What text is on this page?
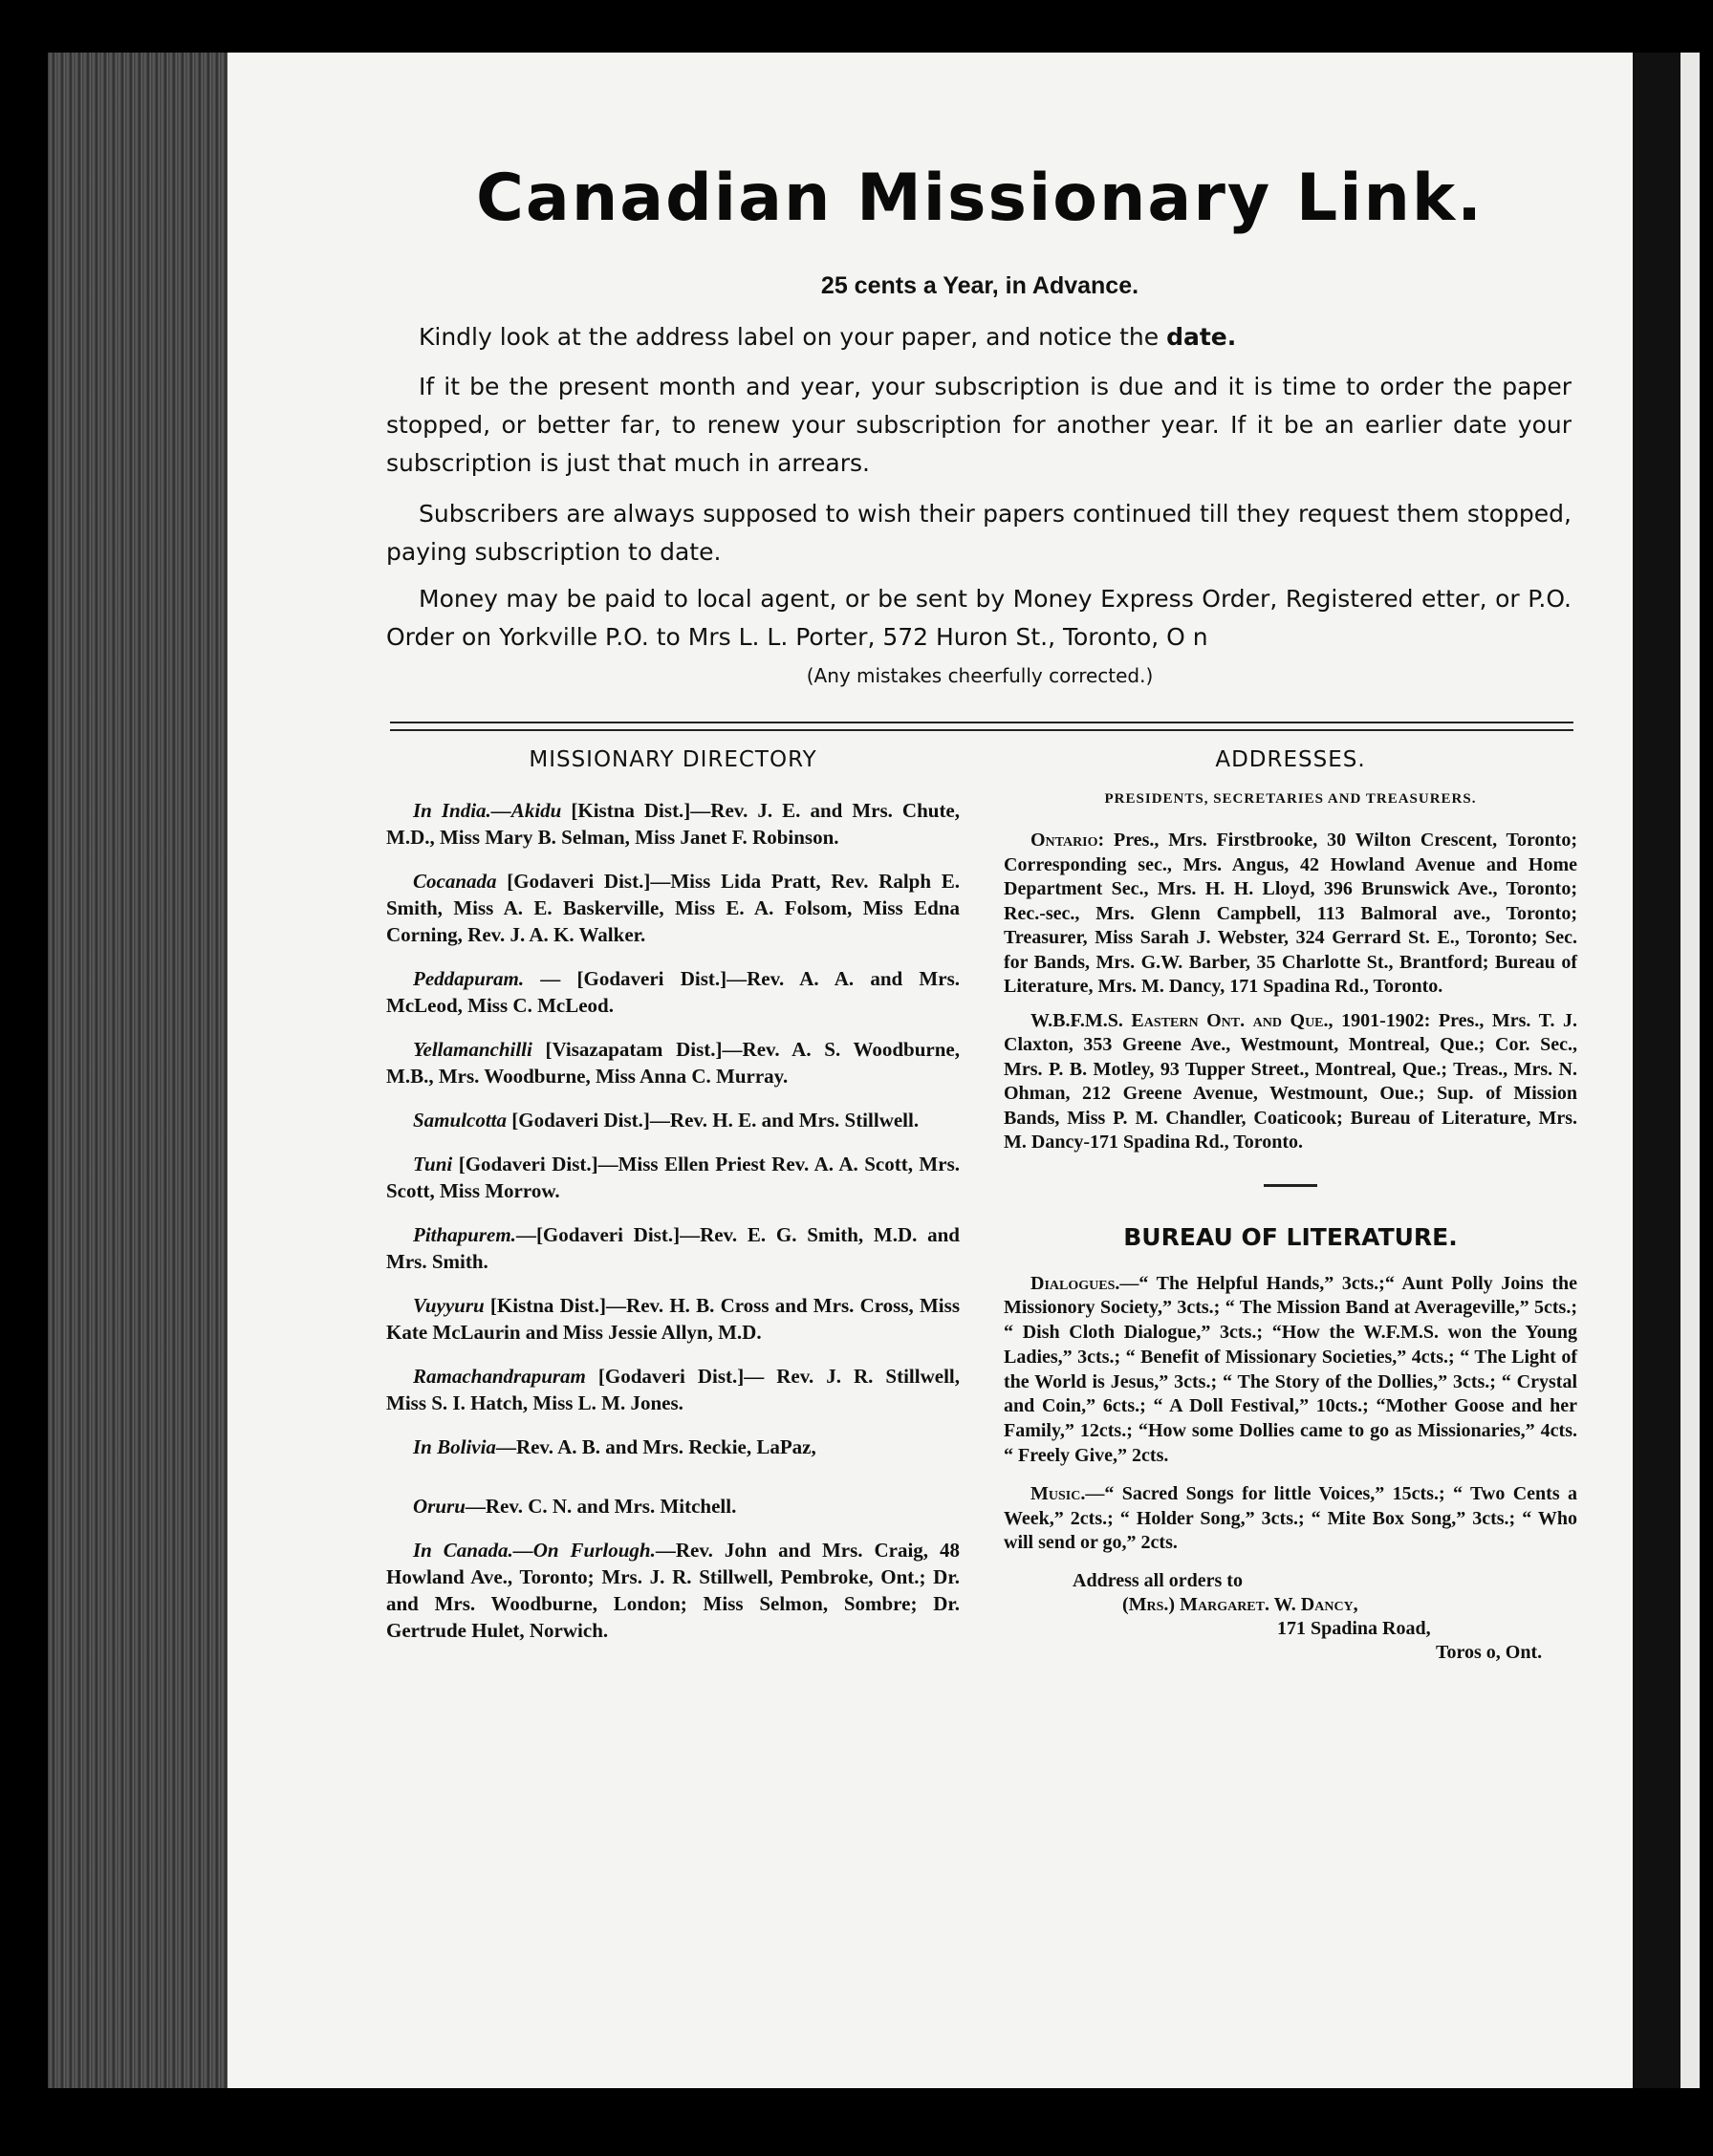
Canadian Missionary Link.
25 cents a Year, in Advance.

Kindly look at the address label on your paper, and notice the date.

If it be the present month and year, your subscription is due and it is time to order the paper stopped, or better far, to renew your subscription for another year. If it be an earlier date your subscription is just that much in arrears.

Subscribers are always supposed to wish their papers continued till they request them stopped, paying subscription to date.

Money may be paid to local agent, or be sent by Money Express Order, Registered etter, or P.O. Order on Yorkville P.O. to Mrs L. L. Porter, 572 Huron St., Toronto, O n

(Any mistakes cheerfully corrected.)
MISSIONARY DIRECTORY

In India.—Akidu [Kistna Dist.]—Rev. J. E. and Mrs. Chute, M.D., Miss Mary B. Selman, Miss Janet F. Robinson.

Cocanada [Godaveri Dist.]—Miss Lida Pratt, Rev. Ralph E. Smith, Miss A. E. Baskerville, Miss E. A. Folsom, Miss Edna Corning, Rev. J. A. K. Walker.

Peddapuram. — [Godaveri Dist.]—Rev. A. A. and Mrs. McLeod, Miss C. McLeod.

Yellamanchilli [Visazapatam Dist.]—Rev. A. S. Woodburne, M.B., Mrs. Woodburne, Miss Anna C. Murray.

Samulcotta [Godaveri Dist.]—Rev. H. E. and Mrs. Stillwell.

Tuni [Godaveri Dist.]—Miss Ellen Priest Rev. A. A. Scott, Mrs. Scott, Miss Morrow.

Pithapurem.—[Godaveri Dist.]—Rev. E. G. Smith, M.D. and Mrs. Smith.

Vuyyuru [Kistna Dist.]—Rev. H. B. Cross and Mrs. Cross, Miss Kate McLaurin and Miss Jessie Allyn, M.D.

Ramachandrapuram [Godaveri Dist.]— Rev. J. R. Stillwell, Miss S. I. Hatch, Miss L. M. Jones.

In Bolivia—Rev. A. B. and Mrs. Reckie, LaPaz,

Oruru—Rev. C. N. and Mrs. Mitchell.

In Canada.—On Furlough.—Rev. John and Mrs. Craig, 48 Howland Ave., Toronto; Mrs. J. R. Stillwell, Pembroke, Ont.; Dr. and Mrs. Woodburne, London; Miss Selmon, Sombre; Dr. Gertrude Hulet, Norwich.

ADDRESSES.
PRESIDENTS, SECRETARIES AND TREASURERS.

Ontario: Pres., Mrs. Firstbrooke, 30 Wilton Crescent, Toronto; Corresponding sec., Mrs. Angus, 42 Howland Avenue and Home Department Sec., Mrs. H. H. Lloyd, 396 Brunswick Ave., Toronto; Rec.-sec., Mrs. Glenn Campbell, 113 Balmoral ave., Toronto; Treasurer, Miss Sarah J. Webster, 324 Gerrard St. E., Toronto; Sec. for Bands, Mrs. G.W. Barber, 35 Charlotte St., Brantford; Bureau of Literature, Mrs. M. Dancy, 171 Spadina Rd., Toronto.

W.B.F.M.S. Eastern Ont. and Que., 1901-1902: Pres., Mrs. T. J. Claxton, 353 Greene Ave., Westmount, Montreal, Que.; Cor. Sec., Mrs. P. B. Motley, 93 Tupper Street., Montreal, Que.; Treas., Mrs. N. Ohman, 212 Greene Avenue, Westmount, Oue.; Sup. of Mission Bands, Miss P. M. Chandler, Coaticook; Bureau of Literature, Mrs. M. Dancy-171 Spadina Rd., Toronto.

BUREAU OF LITERATURE.

Dialogues.—“ The Helpful Hands,” 3cts.;“ Aunt Polly Joins the Missionory Society,” 3cts.; “ The Mission Band at Averageville,” 5cts.; “ Dish Cloth Dialogue,” 3cts.; “How the W.F.M.S. won the Young Ladies,” 3cts.; “ Benefit of Missionary Societies,” 4cts.; “ The Light of the World is Jesus,” 3cts.; “ The Story of the Dollies,” 3cts.; “ Crystal and Coin,” 6cts.; “ A Doll Festival,” 10cts.; “Mother Goose and her Family,” 12cts.; “How some Dollies came to go as Missionaries,” 4cts. “ Freely Give,” 2cts.

Music.—“ Sacred Songs for little Voices,” 15cts.; “ Two Cents a Week,” 2cts.; “ Holder Song,” 3cts.; “ Mite Box Song,” 3cts.; “ Who will send or go,” 2cts.

Address all orders to
(Mrs.) Margaret. W. Dancy,
171 Spadina Road,
Toros o, Ont.
